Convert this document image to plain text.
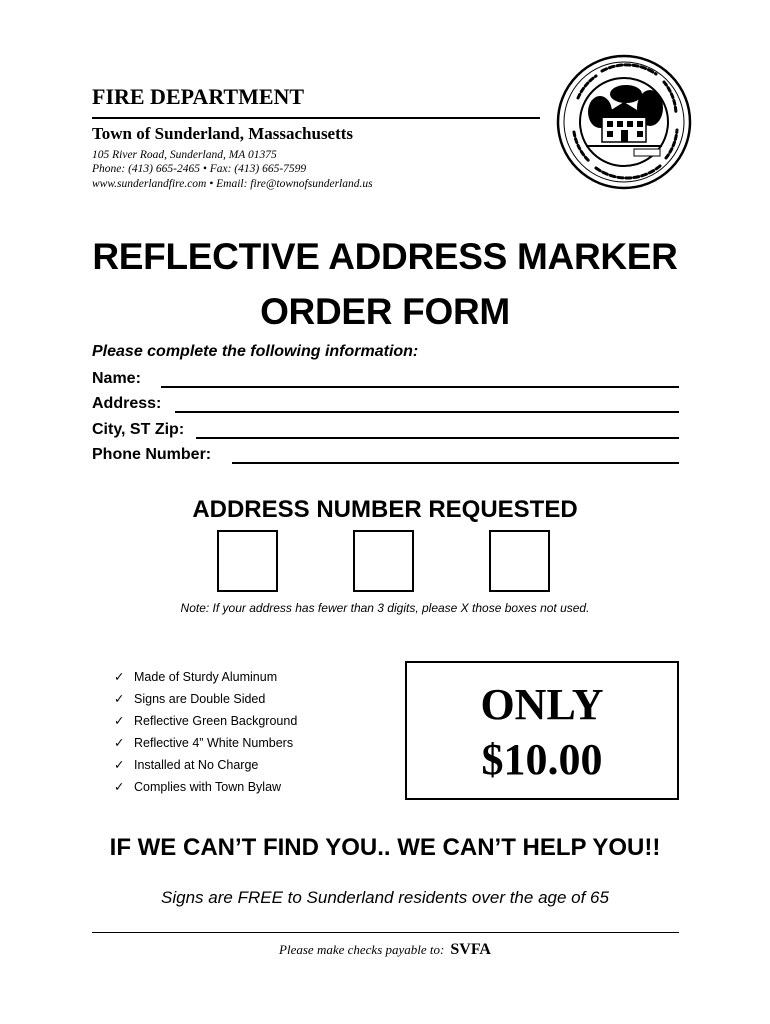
FIRE DEPARTMENT
Town of Sunderland, Massachusetts
105 River Road, Sunderland, MA 01375
Phone: (413) 665-2465 • Fax: (413) 665-7599
www.sunderlandfire.com • Email: fire@townofsunderland.us
REFLECTIVE ADDRESS MARKER
ORDER FORM
Please complete the following information:
Name:
Address:
City, ST Zip:
Phone Number:
ADDRESS NUMBER REQUESTED
Note: If your address has fewer than 3 digits, please X those boxes not used.
✓ Made of Sturdy Aluminum
✓ Signs are Double Sided
✓ Reflective Green Background
✓ Reflective 4” White Numbers
✓ Installed at No Charge
✓ Complies with Town Bylaw
ONLY
$10.00
IF WE CAN’T FIND YOU.. WE CAN’T HELP YOU!!
Signs are FREE to Sunderland residents over the age of 65
Please make checks payable to: SVFA
